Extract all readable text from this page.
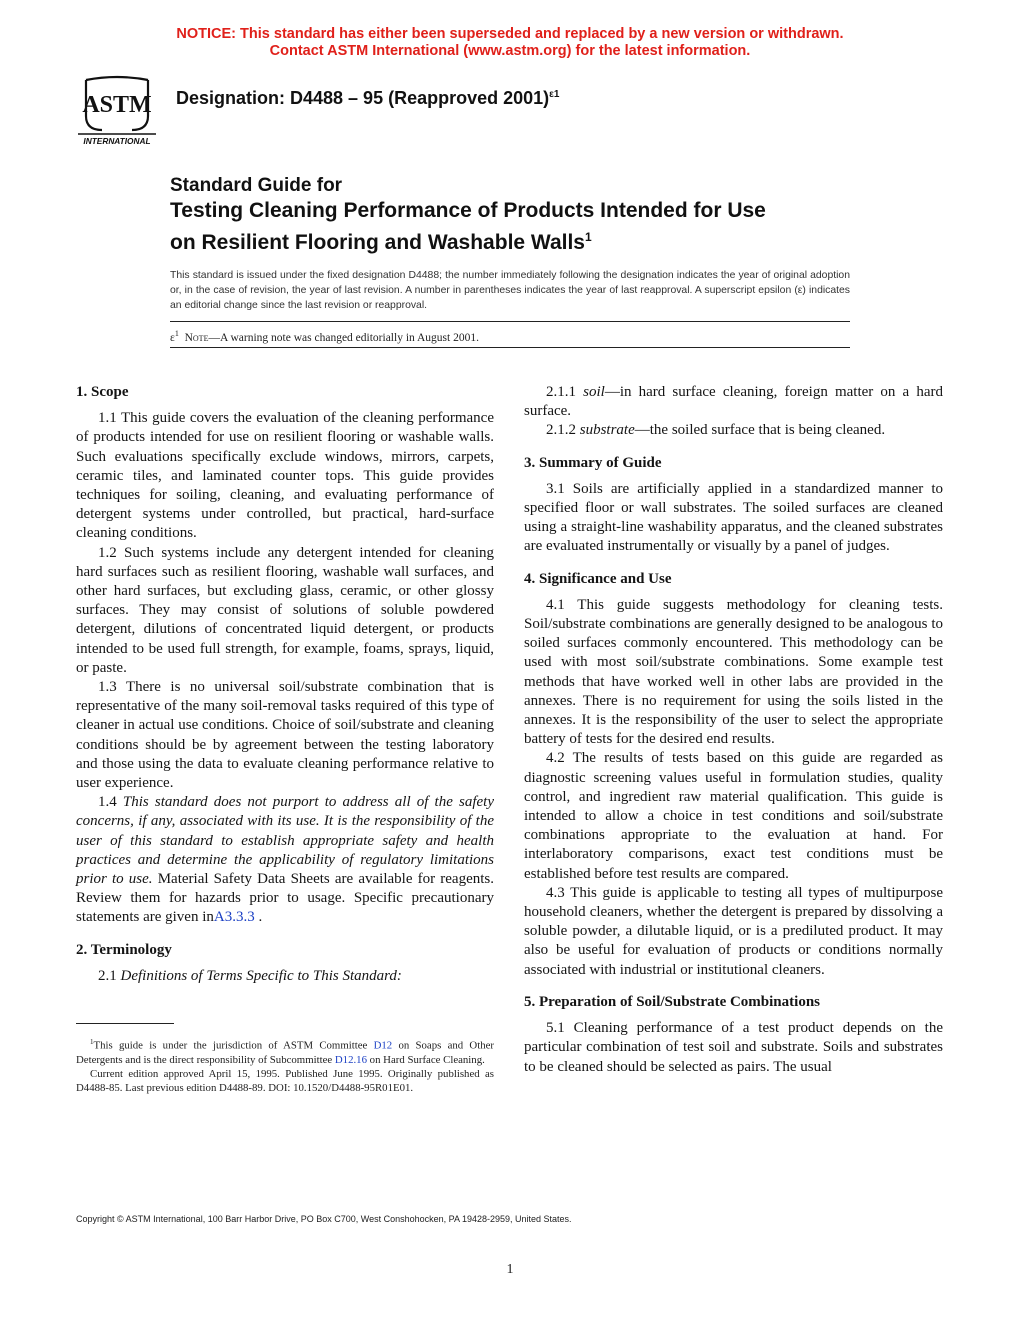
NOTICE: This standard has either been superseded and replaced by a new version or withdrawn.
Contact ASTM International (www.astm.org) for the latest information.
ASTM
INTERNATIONAL
Designation: D4488 – 95 (Reapproved 2001)$^{\varepsilon 1}$
Standard Guide for
Testing Cleaning Performance of Products Intended for Use
on Resilient Flooring and Washable Walls$^1$
This standard is issued under the fixed designation D4488; the number immediately following the designation indicates the year of original adoption or, in the case of revision, the year of last revision. A number in parentheses indicates the year of last reapproval. A superscript epsilon (ε) indicates an editorial change since the last revision or reapproval.
$\varepsilon^1$ Note—A warning note was changed editorially in August 2001.
1. Scope

1.1 This guide covers the evaluation of the cleaning performance of products intended for use on resilient flooring or washable walls. Such evaluations specifically exclude windows, mirrors, carpets, ceramic tiles, and laminated counter tops. This guide provides techniques for soiling, cleaning, and evaluating performance of detergent systems under controlled, but practical, hard-surface cleaning conditions.

1.2 Such systems include any detergent intended for cleaning hard surfaces such as resilient flooring, washable wall surfaces, and other hard surfaces, but excluding glass, ceramic, or other glossy surfaces. They may consist of solutions of soluble powdered detergent, dilutions of concentrated liquid detergent, or products intended to be used full strength, for example, foams, sprays, liquid, or paste.

1.3 There is no universal soil/substrate combination that is representative of the many soil-removal tasks required of this type of cleaner in actual use conditions. Choice of soil/substrate and cleaning conditions should be by agreement between the testing laboratory and those using the data to evaluate cleaning performance relative to user experience.

1.4 This standard does not purport to address all of the safety concerns, if any, associated with its use. It is the responsibility of the user of this standard to establish appropriate safety and health practices and determine the applicability of regulatory limitations prior to use. Material Safety Data Sheets are available for reagents. Review them for hazards prior to usage. Specific precautionary statements are given inA3.3.3 .

2. Terminology

2.1 Definitions of Terms Specific to This Standard:

$^1$This guide is under the jurisdiction of ASTM Committee D12 on Soaps and Other Detergents and is the direct responsibility of Subcommittee D12.16 on Hard Surface Cleaning.

Current edition approved April 15, 1995. Published June 1995. Originally published as D4488-85. Last previous edition D4488-89. DOI: 10.1520/D4488-95R01E01.

2.1.1 soil—in hard surface cleaning, foreign matter on a hard surface.

2.1.2 substrate—the soiled surface that is being cleaned.

3. Summary of Guide

3.1 Soils are artificially applied in a standardized manner to specified floor or wall substrates. The soiled surfaces are cleaned using a straight-line washability apparatus, and the cleaned substrates are evaluated instrumentally or visually by a panel of judges.

4. Significance and Use

4.1 This guide suggests methodology for cleaning tests. Soil/substrate combinations are generally designed to be analogous to soiled surfaces commonly encountered. This methodology can be used with most soil/substrate combinations. Some example test methods that have worked well in other labs are provided in the annexes. There is no requirement for using the soils listed in the annexes. It is the responsibility of the user to select the appropriate battery of tests for the desired end results.

4.2 The results of tests based on this guide are regarded as diagnostic screening values useful in formulation studies, quality control, and ingredient raw material qualification. This guide is intended to allow a choice in test conditions and soil/substrate combinations appropriate to the evaluation at hand. For interlaboratory comparisons, exact test conditions must be established before test results are compared.

4.3 This guide is applicable to testing all types of multipurpose household cleaners, whether the detergent is prepared by dissolving a soluble powder, a dilutable liquid, or is a prediluted product. It may also be useful for evaluation of products or conditions normally associated with industrial or institutional cleaners.

5. Preparation of Soil/Substrate Combinations

5.1 Cleaning performance of a test product depends on the particular combination of test soil and substrate. Soils and substrates to be cleaned should be selected as pairs. The usual

Copyright © ASTM International, 100 Barr Harbor Drive, PO Box C700, West Conshohocken, PA 19428-2959, United States.
1
